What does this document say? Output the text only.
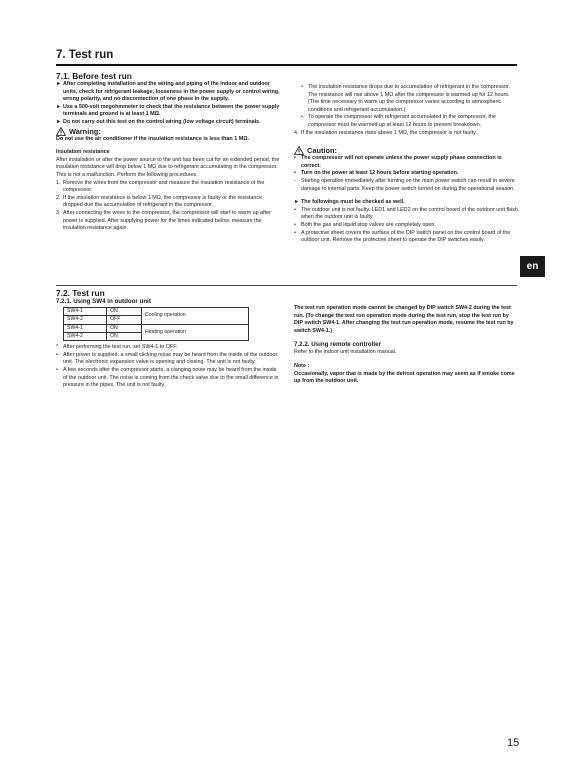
7. Test run

7.1. Before test run

► After completing installation and the wiring and piping of the indoor and outdoor units, check for refrigerant leakage, looseness in the power supply or control wiring, wrong polarity, and no disconnection of one phase in the supply.
► Use a 500-volt megohmmeter to check that the resistance between the power supply terminals and ground is at least 1 MΩ.
► Do not carry out this test on the control wiring (low voltage circuit) terminals.
Warning:

Do not use the air conditioner if the insulation resistance is less than 1 MΩ.

Insulation resistance

After installation or after the power source to the unit has been cut for an extended period, the insulation resistance will drop below 1 MΩ due to refrigerant accumulating in the compressor. This is not a malfunction. Perform the following procedures.

1. Remove the wires from the compressor and measure the insulation resistance of the compressor.
2. If the insulation resistance is below 1 MΩ, the compressor is faulty or the resistance dropped due the accumulation of refrigerant in the compressor.
3. After connecting the wires to the compressor, the compressor will start to warm up after power is supplied. After supplying power for the times indicated below, measure the insulation resistance again.
• The insulation resistance drops due to accumulation of refrigerant in the compressor. The resistance will rise above 1 MΩ after the compressor is warmed up for 12 hours.
(The time necessary to warm up the compressor varies according to atmospheric conditions and refrigerant accumulation.)
• To operate the compressor with refrigerant accumulated in the compressor, the compressor must be warmed up at least 12 hours to prevent breakdown.
4. If the insulation resistance rises above 1 MΩ, the compressor is not faulty.
Caution:
• The compressor will not operate unless the power supply phase connection is correct.
• Turn on the power at least 12 hours before starting operation.
- Starting operation immediately after turning on the main power switch can result in severe damage to internal parts. Keep the power switch turned on during the operational season.
► The followings must be checked as well.
• The outdoor unit is not faulty. LED1 and LED2 on the control board of the outdoor unit flash when the outdoor unit is faulty.
• Both the gas and liquid stop valves are completely open.
• A protective sheet covers the surface of the DIP switch panel on the control board of the outdoor unit. Remove the protective sheet to operate the DIP switches easily.
en

7.2. Test run

7.2.1. Using SW4 in outdoor unit

SW4-1	ON	Cooling operation
SW4-2	OFF	
SW4-1	ON	Heating operation
SW4-2	ON	
* After performing the test run, set SW4-1 to OFF.
• After power is supplied, a small clicking noise may be heard from the inside of the outdoor unit. The electronic expansion valve is opening and closing. The unit is not faulty.
• A few seconds after the compressor starts, a clanging noise may be heard from the inside of the outdoor unit. The noise is coming from the check valve due to the small difference in pressure in the pipes. The unit is not faulty.

The test run operation mode cannot be changed by DIP switch SW4-2 during the test run. (To change the test run operation mode during the test run, stop the test run by DIP switch SW4-1. After changing the test run operation mode, resume the test run by switch SW4-1.)

7.2.2. Using remote controller

Refer to the indoor unit installation manual.

Note :

Occasionally, vapor that is made by the defrost operation may seem as if smoke come up from the outdoor unit.

15
